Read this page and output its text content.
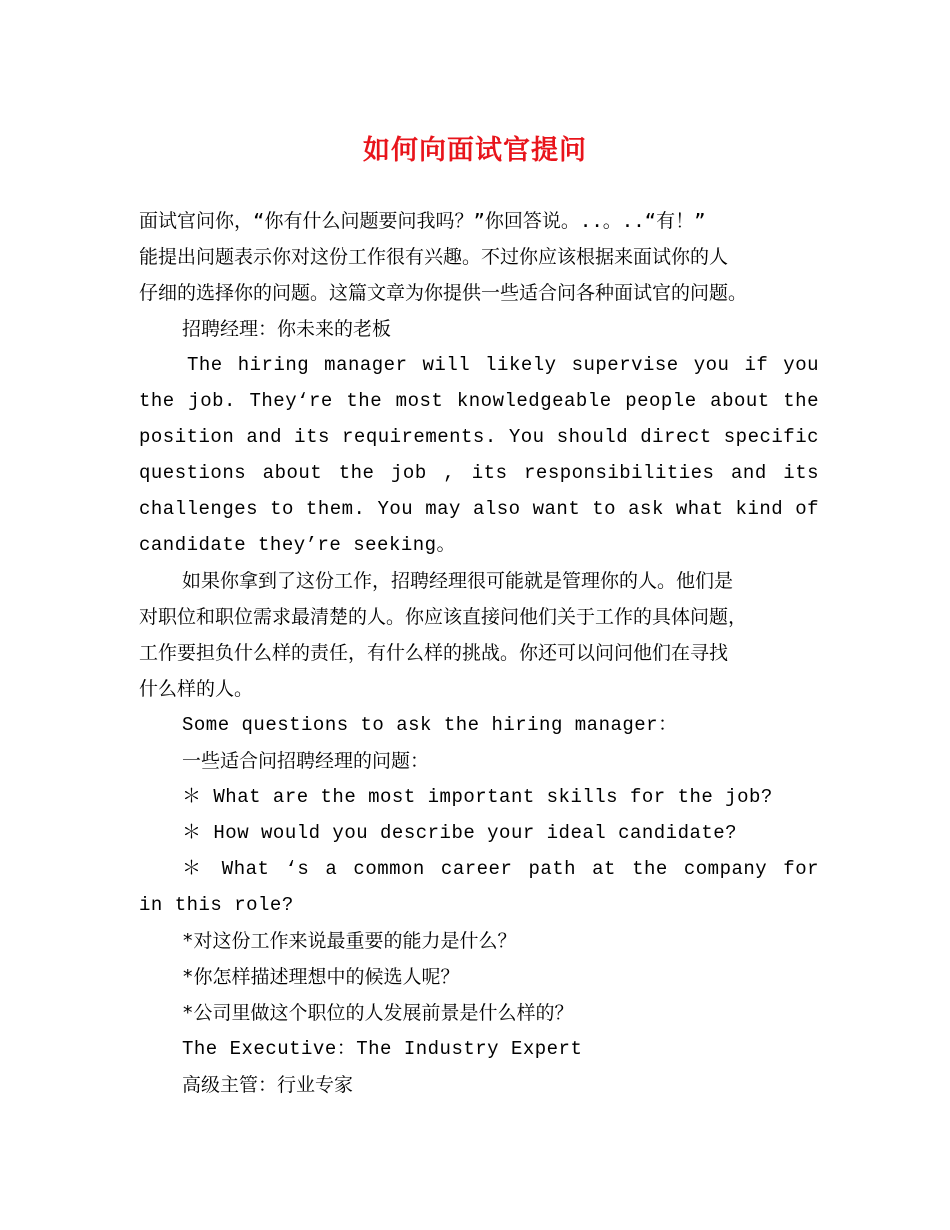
如何向面试官提问
面试官问你，“你有什么问题要问我吗？”你回答说。..。..“有！”
能提出问题表示你对这份工作很有兴趣。不过你应该根据来面试你的人
仔细的选择你的问题。这篇文章为你提供一些适合问各种面试官的问题。
招聘经理：你未来的老板
The hiring manager will likely supervise you if you
the job. They‘re the most knowledgeable people about the
position and its requirements. You should direct specific
questions about the job , its responsibilities and its
challenges to them. You may also want to ask what kind of
candidate they’re seeking。
如果你拿到了这份工作，招聘经理很可能就是管理你的人。他们是
对职位和职位需求最清楚的人。你应该直接问他们关于工作的具体问题，
工作要担负什么样的责任，有什么样的挑战。你还可以问问他们在寻找
什么样的人。
Some questions to ask the hiring manager：
一些适合问招聘经理的问题：
＊ What are the most important skills for the job?
＊ How would you describe your ideal candidate?
＊ What ‘s a common career path at the company for
in this role?
*对这份工作来说最重要的能力是什么？
*你怎样描述理想中的候选人呢？
*公司里做这个职位的人发展前景是什么样的？
The Executive：The Industry Expert
高级主管：行业专家
